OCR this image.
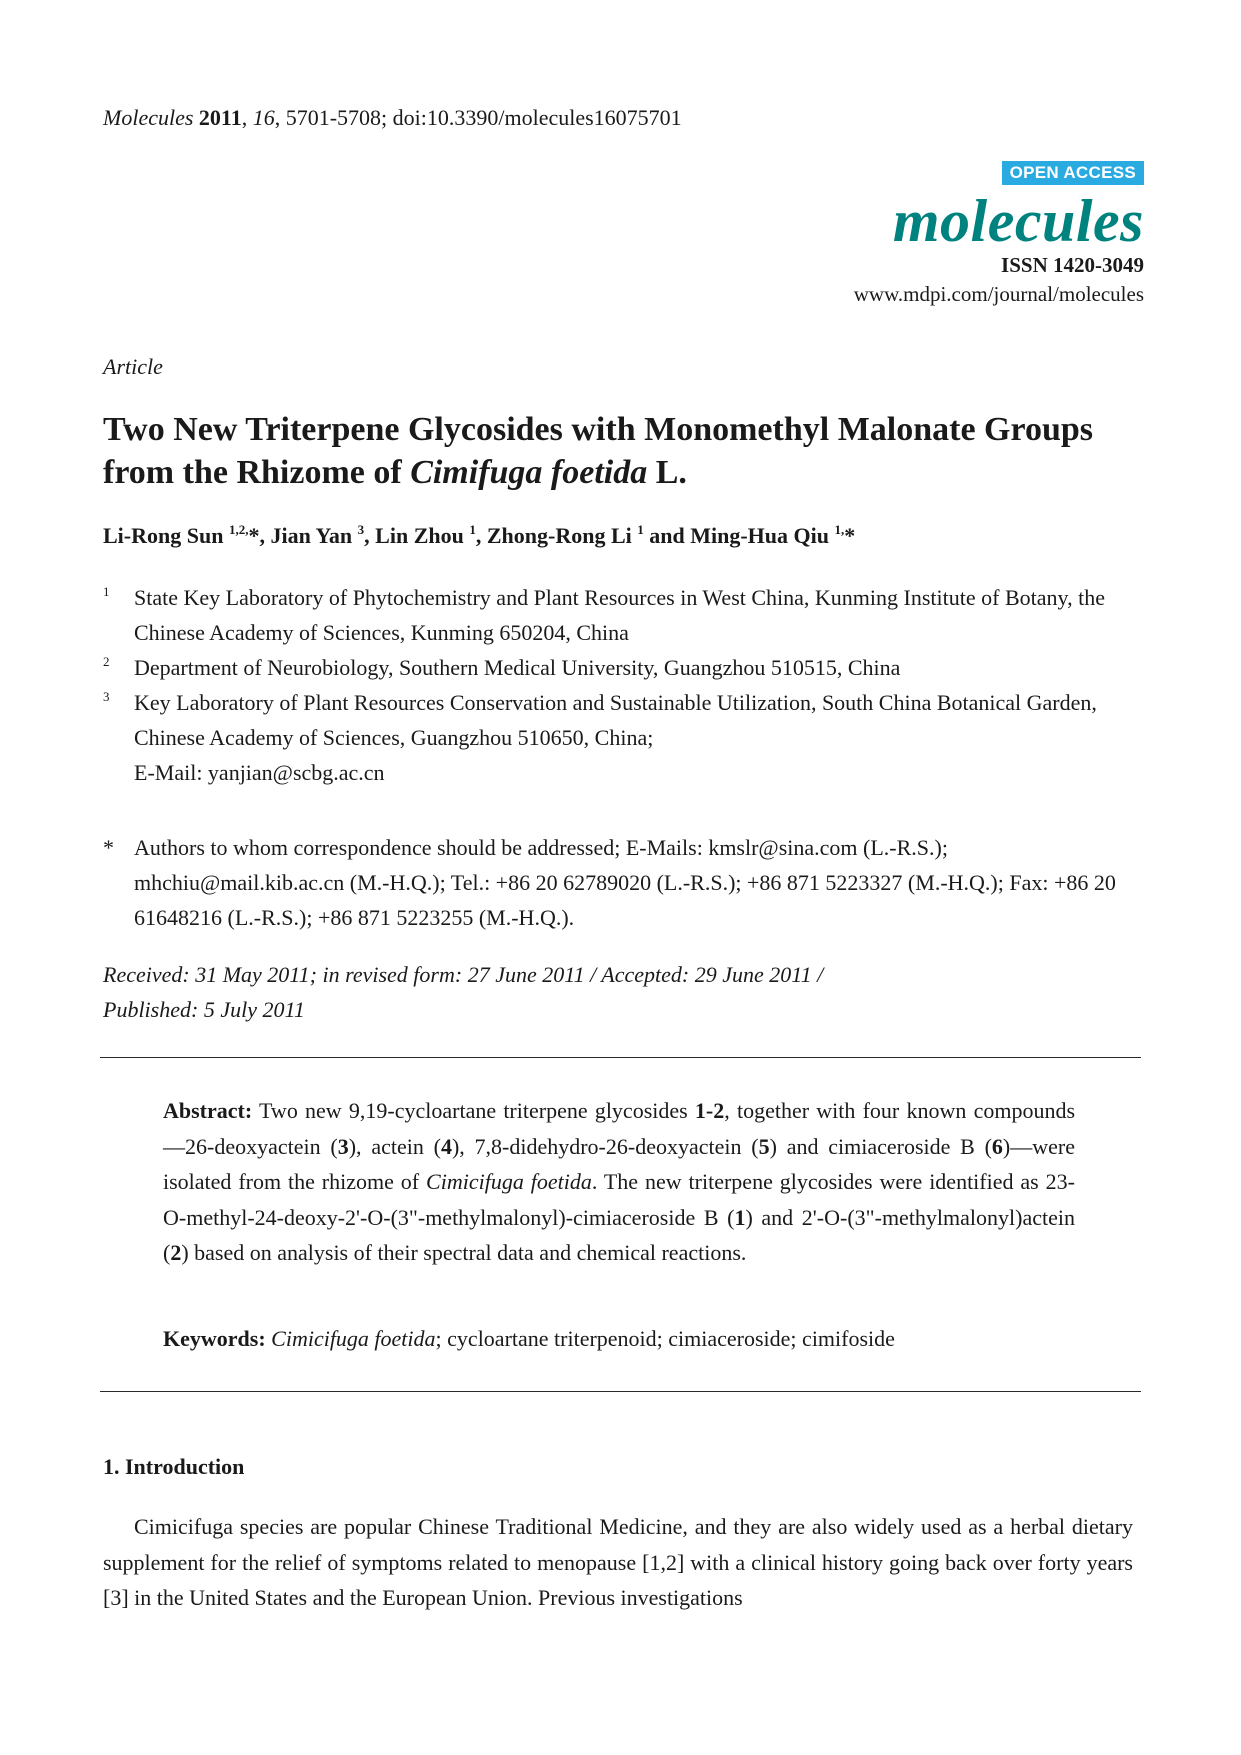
Molecules 2011, 16, 5701-5708; doi:10.3390/molecules16075701
OPEN ACCESS
molecules
ISSN 1420-3049
www.mdpi.com/journal/molecules
Article
Two New Triterpene Glycosides with Monomethyl Malonate Groups from the Rhizome of Cimifuga foetida L.
Li-Rong Sun $^{1,2,}$*, Jian Yan $^3$, Lin Zhou $^1$, Zhong-Rong Li $^1$ and Ming-Hua Qiu $^{1,}$*
1 State Key Laboratory of Phytochemistry and Plant Resources in West China, Kunming Institute of Botany, the Chinese Academy of Sciences, Kunming 650204, China
2 Department of Neurobiology, Southern Medical University, Guangzhou 510515, China
3 Key Laboratory of Plant Resources Conservation and Sustainable Utilization, South China Botanical Garden, Chinese Academy of Sciences, Guangzhou 510650, China;
E-Mail: yanjian@scbg.ac.cn
* Authors to whom correspondence should be addressed; E-Mails: kmslr@sina.com (L.-R.S.); mhchiu@mail.kib.ac.cn (M.-H.Q.); Tel.: +86 20 62789020 (L.-R.S.); +86 871 5223327 (M.-H.Q.); Fax: +86 20 61648216 (L.-R.S.); +86 871 5223255 (M.-H.Q.).
Received: 31 May 2011; in revised form: 27 June 2011 / Accepted: 29 June 2011 /
Published: 5 July 2011

Abstract: Two new 9,19-cycloartane triterpene glycosides 1-2, together with four known compounds—26-deoxyactein (3), actein (4), 7,8-didehydro-26-deoxyactein (5) and cimiaceroside B (6)—were isolated from the rhizome of Cimicifuga foetida. The new triterpene glycosides were identified as 23-O-methyl-24-deoxy-2'-O-(3"-methylmalonyl)-cimiaceroside B (1) and 2'-O-(3"-methylmalonyl)actein (2) based on analysis of their spectral data and chemical reactions.

Keywords: Cimicifuga foetida; cycloartane triterpenoid; cimiaceroside; cimifoside
1. Introduction

Cimicifuga species are popular Chinese Traditional Medicine, and they are also widely used as a herbal dietary supplement for the relief of symptoms related to menopause [1,2] with a clinical history going back over forty years [3] in the United States and the European Union. Previous investigations
